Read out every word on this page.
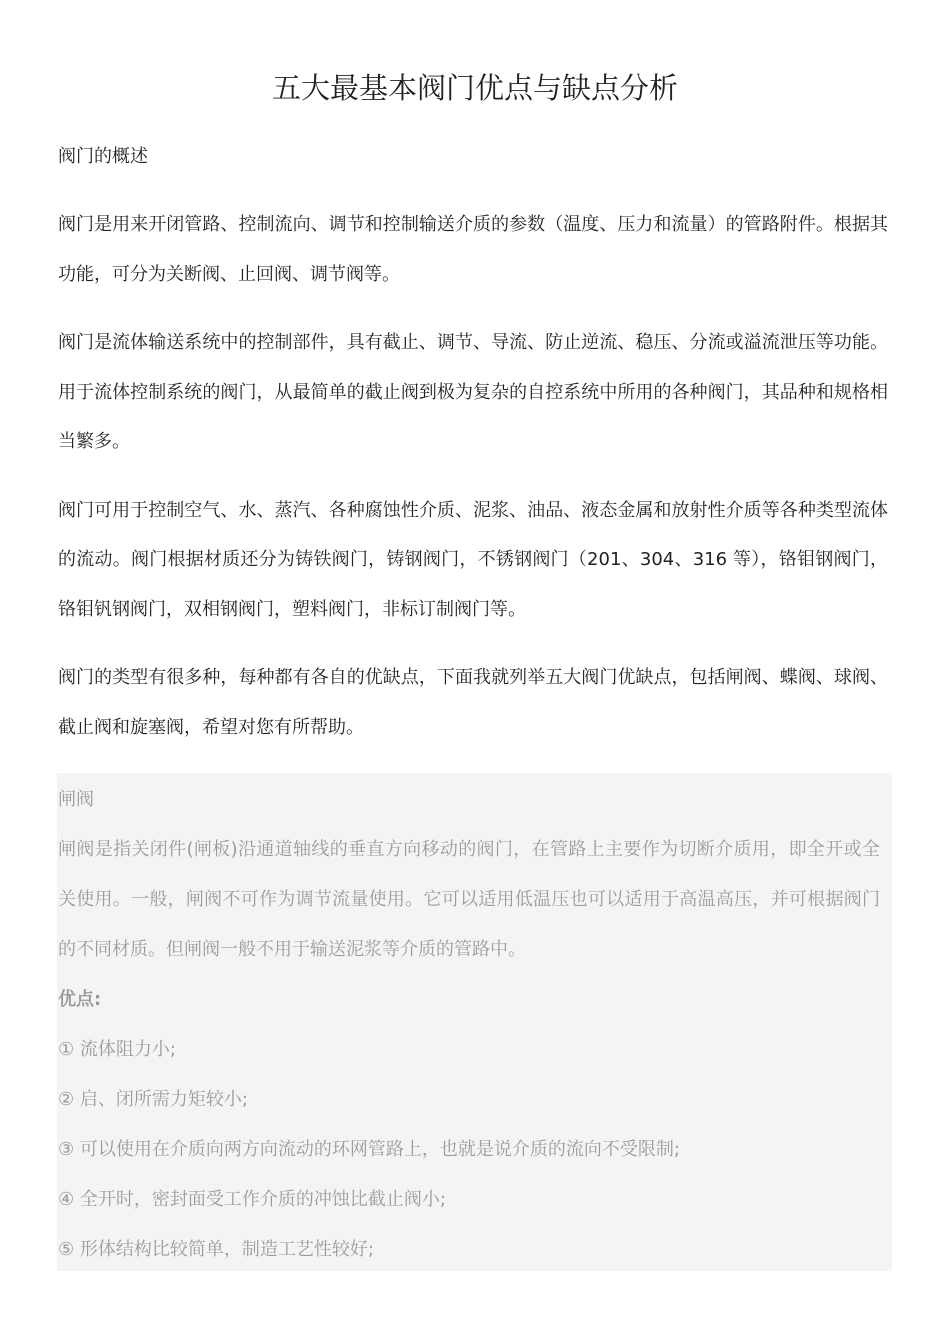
五大最基本阀门优点与缺点分析

阀门的概述

阀门是用来开闭管路、控制流向、调节和控制输送介质的参数（温度、压力和流量）的管路附件。根据其功能，可分为关断阀、止回阀、调节阀等。

阀门是流体输送系统中的控制部件，具有截止、调节、导流、防止逆流、稳压、分流或溢流泄压等功能。用于流体控制系统的阀门，从最简单的截止阀到极为复杂的自控系统中所用的各种阀门，其品种和规格相当繁多。

阀门可用于控制空气、水、蒸汽、各种腐蚀性介质、泥浆、油品、液态金属和放射性介质等各种类型流体的流动。阀门根据材质还分为铸铁阀门，铸钢阀门，不锈钢阀门（201、304、316 等），铬钼钢阀门，铬钼钒钢阀门，双相钢阀门，塑料阀门，非标订制阀门等。

阀门的类型有很多种，每种都有各自的优缺点，下面我就列举五大阀门优缺点，包括闸阀、蝶阀、球阀、截止阀和旋塞阀，希望对您有所帮助。

闸阀

闸阀是指关闭件(闸板)沿通道轴线的垂直方向移动的阀门，在管路上主要作为切断介质用，即全开或全关使用。一般，闸阀不可作为调节流量使用。它可以适用低温压也可以适用于高温高压，并可根据阀门的不同材质。但闸阀一般不用于输送泥浆等介质的管路中。

优点:

① 流体阻力小;

② 启、闭所需力矩较小;

③ 可以使用在介质向两方向流动的环网管路上，也就是说介质的流向不受限制;

④ 全开时，密封面受工作介质的冲蚀比截止阀小;

⑤ 形体结构比较简单，制造工艺性较好;
